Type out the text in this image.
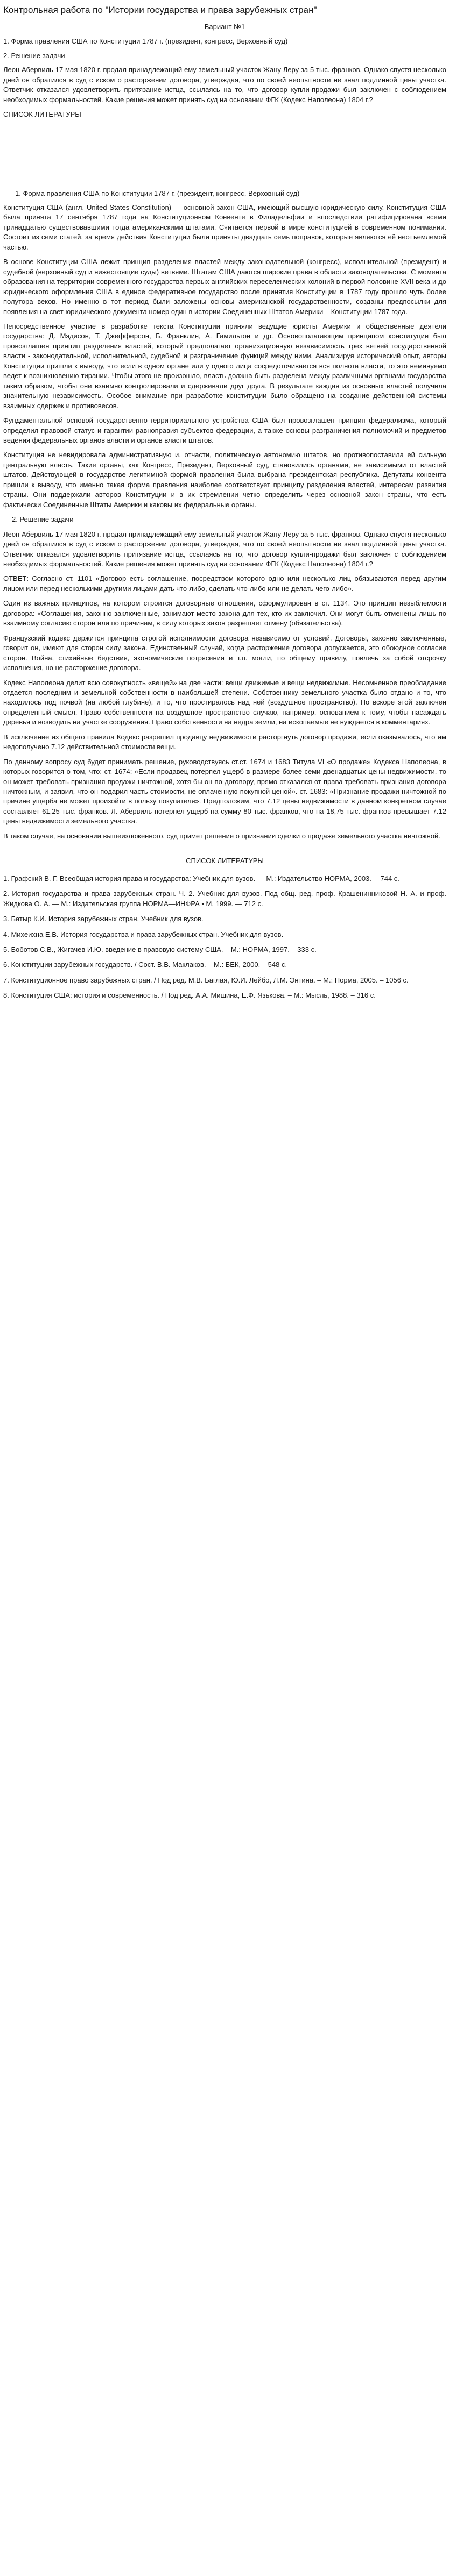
Контрольная работа по "Истории государства и права зарубежных стран"

Вариант №1

1. Форма правления США по Конституции 1787 г. (президент, конгресс, Верховный суд)

2. Решение задачи

Леон Абервиль 17 мая 1820 г. продал принадлежащий ему земельный участок Жану Леру за 5 тыс. франков. Однако спустя несколько дней он обратился в суд с иском о расторжении договора, утверждая, что по своей неопытности не знал подлинной цены участка. Ответчик отказался удовлетворить притязание истца, ссылаясь на то, что договор купли-продажи был заключен с соблюдением необходимых формальностей. Какие решения может принять суд на основании ФГК (Кодекс Наполеона) 1804 г.?

СПИСОК ЛИТЕРАТУРЫ

1. Форма правления США по Конституции 1787 г. (президент, конгресс, Верховный суд)

Конституция США (англ. United States Constitution) — основной закон США, имеющий высшую юридическую силу. Конституция США была принята 17 сентября 1787 года на Конституционном Конвенте в Филадельфии и впоследствии ратифицирована всеми тринадцатью существовавшими тогда американскими штатами. Считается первой в мире конституцией в современном понимании. Состоит из семи статей, за время действия Конституции были приняты двадцать семь поправок, которые являются её неотъемлемой частью.

В основе Конституции США лежит принцип разделения властей между законодательной (конгресс), исполнительной (президент) и судебной (верховный суд и нижестоящие суды) ветвями. Штатам США даются широкие права в области законодательства. С момента образования на территории современного государства первых английских переселенческих колоний в первой половине XVII века и до юридического оформления США в единое федеративное государство после принятия Конституции в 1787 году прошло чуть более полутора веков. Но именно в тот период были заложены основы американской государственности, созданы предпосылки для появления на свет юридического документа номер один в истории Соединенных Штатов Америки – Конституции 1787 года.

Непосредственное участие в разработке текста Конституции приняли ведущие юристы Америки и общественные деятели государства: Д. Мэдисон, Т. Джефферсон, Б. Франклин, А. Гамильтон и др. Основополагающим принципом конституции был провозглашен принцип разделения властей, который предполагает организационную независимость трех ветвей государственной власти - законодательной, исполнительной, судебной и разграничение функций между ними. Анализируя исторический опыт, авторы Конституции пришли к выводу, что если в одном органе или у одного лица сосредоточивается вся полнота власти, то это неминуемо ведет к возникновению тирании. Чтобы этого не произошло, власть должна быть разделена между различными органами государства таким образом, чтобы они взаимно контролировали и сдерживали друг друга. В результате каждая из основных властей получила значительную независимость. Особое внимание при разработке конституции было обращено на создание действенной системы взаимных сдержек и противовесов.

Фундаментальной основой государственно-территориального устройства США был провозглашен принцип федерализма, который определил правовой статус и гарантии равноправия субъектов федерации, а также основы разграничения полномочий и предметов ведения федеральных органов власти и органов власти штатов.

Конституция не невидировала административную и, отчасти, политическую автономию штатов, но противопоставила ей сильную центральную власть. Такие органы, как Конгресс, Президент, Верховный суд, становились органами, не зависимыми от властей штатов. Действующей в государстве легитимной формой правления была выбрана президентская республика. Депутаты конвента пришли к выводу, что именно такая форма правления наиболее соответствует принципу разделения властей, интересам развития страны. Они поддержали авторов Конституции и в их стремлении четко определить через основной закон страны, что есть фактически Соединенные Штаты Америки и каковы их федеральные органы.

2. Решение задачи

Леон Абервиль 17 мая 1820 г. продал принадлежащий ему земельный участок Жану Леру за 5 тыс. франков. Однако спустя несколько дней он обратился в суд с иском о расторжении договора, утверждая, что по своей неопытности не знал подлинной цены участка. Ответчик отказался удовлетворить притязание истца, ссылаясь на то, что договор купли-продажи был заключен с соблюдением необходимых формальностей. Какие решения может принять суд на основании ФГК (Кодекс Наполеона) 1804 г.?

ОТВЕТ: Согласно ст. 1101 «Договор есть соглашение, посредством которого одно или несколько лиц обязываются перед другим лицом или перед несколькими другими лицами дать что-либо, сделать что-либо или не делать чего-либо».

Один из важных принципов, на котором строится договорные отношения, сформулирован в ст. 1134. Это принцип незыблемости договора: «Соглашения, законно заключенные, занимают место закона для тех, кто их заключил. Они могут быть отменены лишь по взаимному согласию сторон или по причинам, в силу которых закон разрешает отмену (обязательства).

Французский кодекс держится принципа строгой исполнимости договора независимо от условий. Договоры, законно заключенные, говорит он, имеют для сторон силу закона. Единственный случай, когда расторжение договора допускается, это обоюдное согласие сторон. Война, стихийные бедствия, экономические потрясения и т.п. могли, по общему правилу, повлечь за собой отсрочку исполнения, но не расторжение договора.

Кодекс Наполеона делит всю совокупность «вещей» на две части: вещи движимые и вещи недвижимые. Несомненное преобладание отдается последним и земельной собственности в наибольшей степени. Собственнику земельного участка было отдано и то, что находилось под почвой (на любой глубине), и то, что простиралось над ней (воздушное пространство). Но вскоре этой заключен определенный смысл. Право собственности на воздушное пространство случаю, например, основанием к тому, чтобы насаждать деревья и возводить на участке сооружения. Право собственности на недра земли, на ископаемые не нуждается в комментариях.

В исключение из общего правила Кодекс разрешил продавцу недвижимости расторгнуть договор продажи, если оказывалось, что им недополучено 7.12 действительной стоимости вещи.

По данному вопросу суд будет принимать решение, руководствуясь ст.ст. 1674 и 1683 Титула VI «О продаже» Кодекса Наполеона, в которых говорится о том, что: ст. 1674: «Если продавец потерпел ущерб в размере более семи двенадцатых цены недвижимости, то он может требовать признания продажи ничтожной, хотя бы он по договору, прямо отказался от права требовать признания договора ничтожным, и заявил, что он подарил часть стоимости, не оплаченную покупной ценой». ст. 1683: «Признание продажи ничтожной по причине ущерба не может произойти в пользу покупателя». Предположим, что 7.12 цены недвижимости в данном конкретном случае составляет 61,25 тыс. франков. Л. Абервиль потерпел ущерб на сумму 80 тыс. франков, что на 18,75 тыс. франков превышает 7.12 цены недвижимости земельного участка.

В таком случае, на основании вышеизложенного, суд примет решение о признании сделки о продаже земельного участка ничтожной.

СПИСОК ЛИТЕРАТУРЫ

1. Графский В. Г. Всеобщая история права и государства: Учебник для вузов. — М.: Издательство НОРМА, 2003. —744 с.
2. История государства и права зарубежных стран. Ч. 2. Учебник для вузов. Под общ. ред. проф. Крашенинниковой Н. А. и проф. Жидкова О. А. — М.: Издательская группа НОРМА—ИНФРА • М, 1999. — 712 с.
3. Батыр К.И. История зарубежных стран. Учебник для вузов.
4. Михеихна Е.В. История государства и права зарубежных стран. Учебник для вузов.
5. Боботов С.В., Жигачев И.Ю. введение в правовую систему США. – М.: НОРМА, 1997. – 333 с.
6. Конституции зарубежных государств. / Сост. В.В. Маклаков. – М.: БЕК, 2000. – 548 с.
7. Конституционное право зарубежных стран. / Под ред. М.В. Баглая, Ю.И. Лейбо, Л.М. Энтина. – М.: Норма, 2005. – 1056 с.
8. Конституция США: история и современность. / Под ред. А.А. Мишина, Е.Ф. Язькова. – М.: Мысль, 1988. – 316 с.
